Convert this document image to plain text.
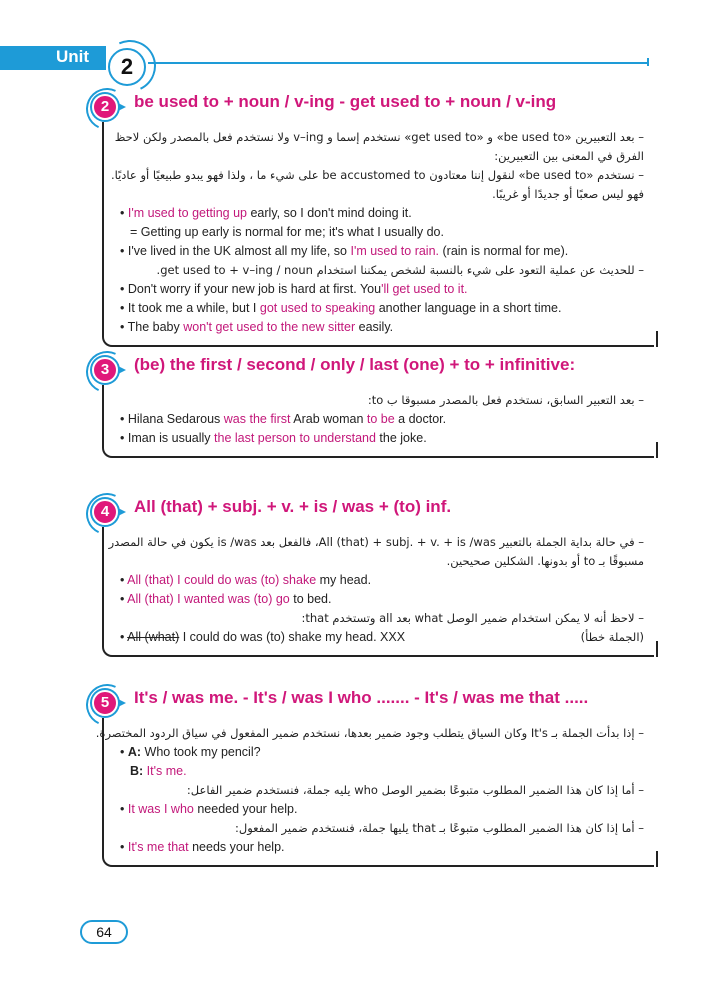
Unit	2
2	be used to + noun / v-ing - get used to + noun / v-ing
– بعد التعبيرين «be used to» و «get used to» نستخدم إسما و v–ing ولا نستخدم فعل بالمصدر ولكن لاحظ
الفرق في المعنى بين التعبيرين:
– نستخدم «be used to» لنقول إننا معتادون be accustomed to على شيء ما ، ولذا فهو يبدو طبيعيًا أو عاديًا.
فهو ليس صعبًا أو جديدًا أو غريبًا.
• I'm used to getting up early, so I don't mind doing it.
= Getting up early is normal for me; it's what I usually do.
• I've lived in the UK almost all my life, so I'm used to rain. (rain is normal for me).
– للحديث عن عملية التعود على شيء بالنسبة لشخص يمكننا استخدام get used to + v–ing / noun.
• Don't worry if your new job is hard at first. You'll get used to it.
• It took me a while, but I got used to speaking another language in a short time.
• The baby won't get used to the new sitter easily.
3	(be) the first / second / only / last (one) + to + infinitive:
– بعد التعبير السابق، نستخدم فعل بالمصدر مسبوقا ب to:
• Hilana Sedarous was the first Arab woman to be a doctor.
• Iman is usually the last person to understand the joke.
4	All (that) + subj. + v. + is / was + (to) inf.
– في حالة بداية الجملة بالتعبير All (that) + subj. + v. + is /was، فالفعل بعد is /was يكون في حالة المصدر
مسبوقًا بـ to أو بدونها. الشكلين صحيحين.
• All (that) I could do was (to) shake my head.
• All (that) I wanted was (to) go to bed.
– لاحظ أنه لا يمكن استخدام ضمير الوصل what بعد all وتستخدم that:
• All (what) I could do was (to) shake my head. XXX	(الجملة خطأ)
5	It's / was me. - It's / was I who ....... - It's / was me that .....
– إذا بدأت الجملة بـ It's وكان السياق يتطلب وجود ضمير بعدها، نستخدم ضمير المفعول في سياق الردود المختصرة.
• A: Who took my pencil?
B: It's me.
– أما إذا كان هذا الضمير المطلوب متبوعًا بضمير الوصل who يليه جملة، فنستخدم ضمير الفاعل:
• It was I who needed your help.
– أما إذا كان هذا الضمير المطلوب متبوعًا بـ that يليها جملة، فنستخدم ضمير المفعول:
• It's me that needs your help.
64
